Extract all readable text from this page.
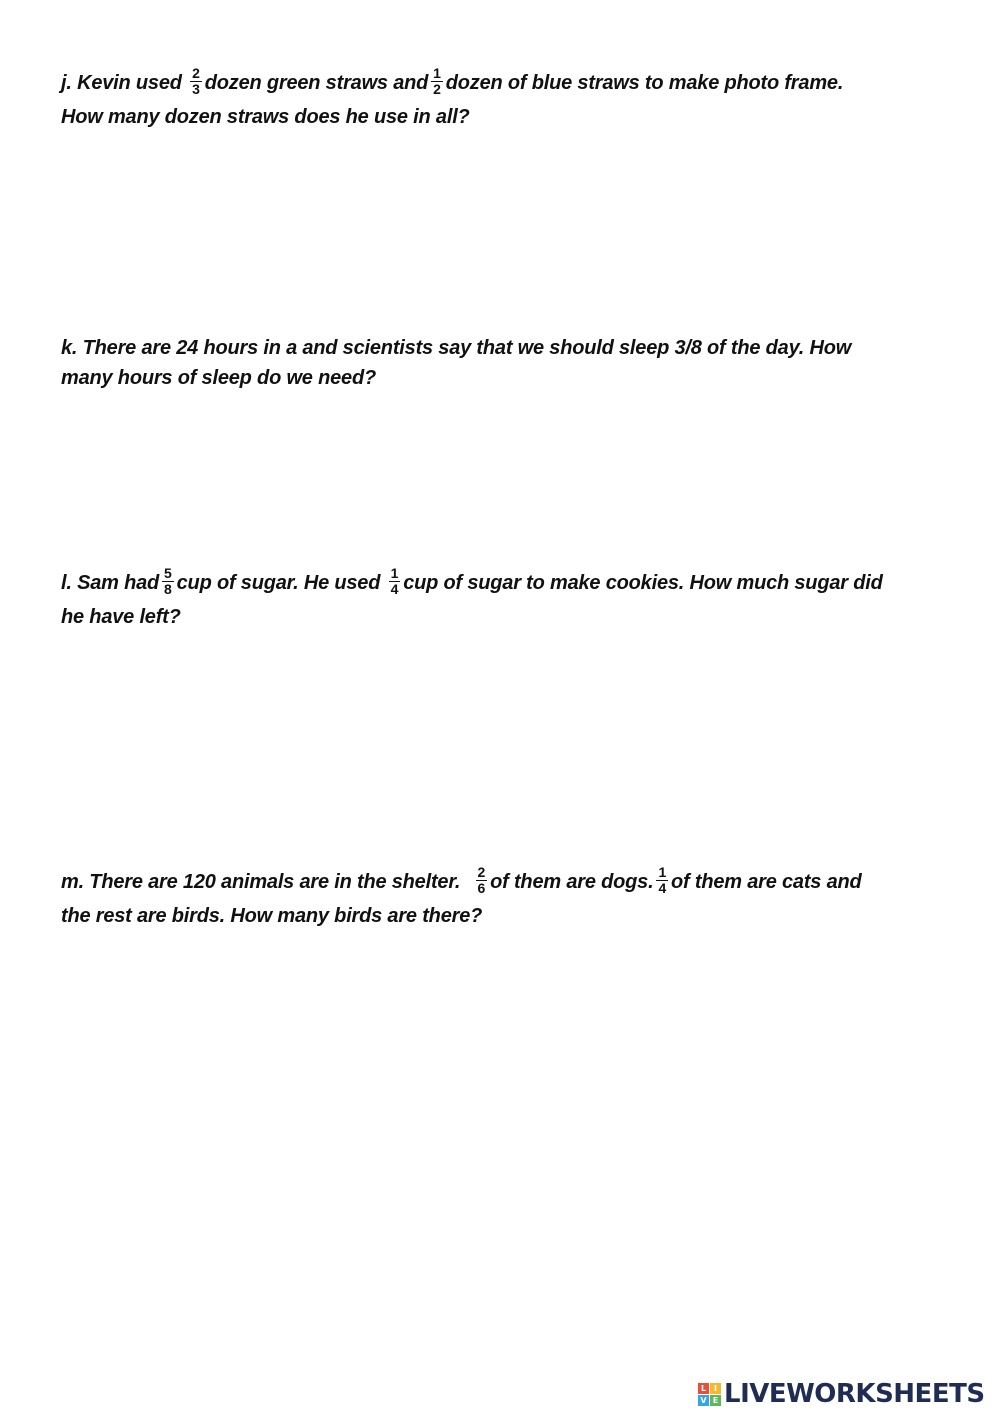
j. Kevin used $\frac{2}{3}$ dozen green straws and $\frac{1}{2}$ dozen of blue straws to make photo frame.
How many dozen straws does he use in all?
k. There are 24 hours in a and scientists say that we should sleep 3/8 of the day. How
many hours of sleep do we need?
l. Sam had $\frac{5}{8}$ cup of sugar. He used $\frac{1}{4}$ cup of sugar to make cookies. How much sugar did
he have left?
m. There are 120 animals are in the shelter. $\frac{2}{6}$ of them are dogs. $\frac{1}{4}$ of them are cats and
the rest are birds. How many birds are there?
L I
V E LIVEWORKSHEETS
